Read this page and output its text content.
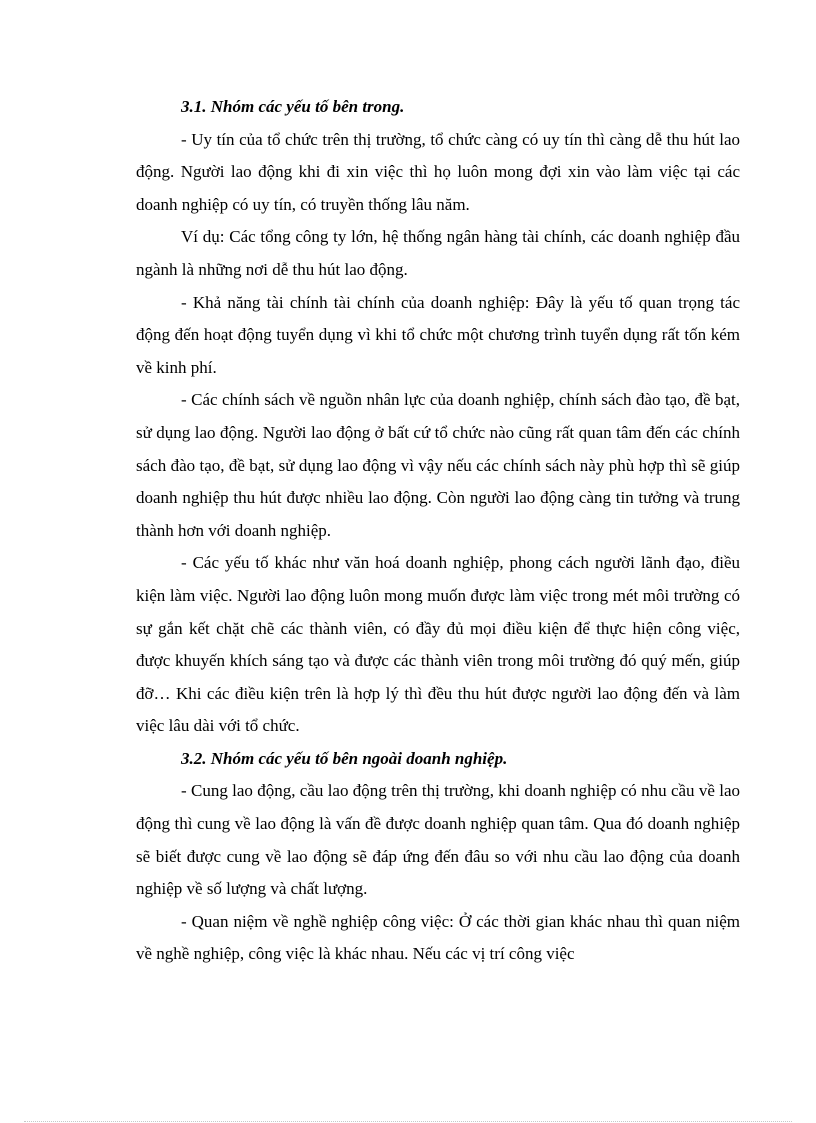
3.1. Nhóm các yếu tố bên trong.

- Uy tín của tổ chức trên thị trường, tổ chức càng có uy tín thì càng dễ thu hút lao động. Người lao động khi đi xin việc thì họ luôn mong đợi xin vào làm việc tại các doanh nghiệp có uy tín, có truyền thống lâu năm.

Ví dụ: Các tổng công ty lớn, hệ thống ngân hàng tài chính, các doanh nghiệp đầu ngành là những nơi dễ thu hút lao động.

- Khả năng tài chính tài chính của doanh nghiệp: Đây là yếu tố quan trọng tác động đến hoạt động tuyển dụng vì khi tổ chức một chương trình tuyển dụng rất tốn kém về kinh phí.

- Các chính sách về nguồn nhân lực của doanh nghiệp, chính sách đào tạo, đề bạt, sử dụng lao động. Người lao động ở bất cứ tổ chức nào cũng rất quan tâm đến các chính sách đào tạo, đề bạt, sử dụng lao động vì vậy nếu các chính sách này phù hợp thì sẽ giúp doanh nghiệp thu hút được nhiều lao động. Còn người lao động càng tin tưởng và trung thành hơn với doanh nghiệp.

- Các yếu tố khác như văn hoá doanh nghiệp, phong cách người lãnh đạo, điều kiện làm việc. Người lao động luôn mong muốn được làm việc trong mét môi trường có sự gắn kết chặt chẽ các thành viên, có đầy đủ mọi điều kiện để thực hiện công việc, được khuyến khích sáng tạo và được các thành viên trong môi trường đó quý mến, giúp đỡ… Khi các điều kiện trên là hợp lý thì đều thu hút được người lao động đến và làm việc lâu dài với tổ chức.

3.2. Nhóm các yếu tố bên ngoài doanh nghiệp.

- Cung lao động, cầu lao động trên thị trường, khi doanh nghiệp có nhu cầu về lao động thì cung về lao động là vấn đề được doanh nghiệp quan tâm. Qua đó doanh nghiệp sẽ biết được cung về lao động sẽ đáp ứng đến đâu so với nhu cầu lao động của doanh nghiệp về số lượng và chất lượng.

- Quan niệm về nghề nghiệp công việc: Ở các thời gian khác nhau thì quan niệm về nghề nghiệp, công việc là khác nhau. Nếu các vị trí công việc
